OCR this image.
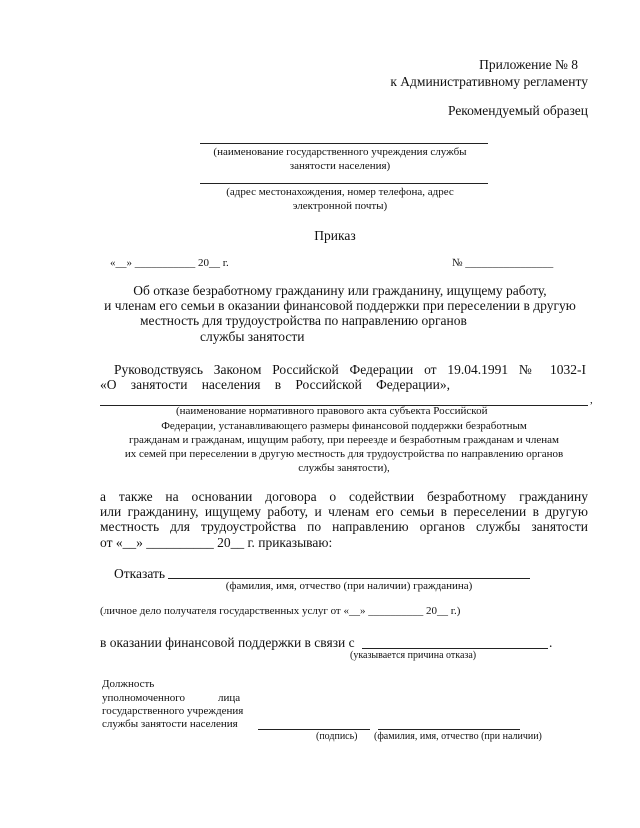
Приложение № 8
к Административному регламенту
Рекомендуемый образец
(наименование государственного учреждения службы
занятости населения)
(адрес местонахождения, номер телефона, адрес
электронной почты)
Приказ
«__» ___________ 20__ г.	№ ________________
Об отказе безработному гражданину или гражданину, ищущему работу,
и членам его семьи в оказании финансовой поддержки при переселении в другую
местность для трудоустройства по направлению органов
службы занятости
Руководствуясь Законом Российской Федерации от 19.04.1991 № 1032-I
«О занятости населения в Российской Федерации»,
,
(наименование нормативного правового акта субъекта Российской
Федерации, устанавливающего размеры финансовой поддержки безработным
гражданам и гражданам, ищущим работу, при переезде и безработным гражданам и членам
их семей при переселении в другую местность для трудоустройства по направлению органов
службы занятости),
а также на основании договора о содействии безработному гражданину
или гражданину, ищущему работу, и членам его семьи в переселении в другую
местность для трудоустройства по направлению органов службы занятости
от «__» __________ 20__ г. приказываю:
Отказать
(фамилия, имя, отчество (при наличии) гражданина)
(личное дело получателя государственных услуг от «__» __________ 20__ г.)
в оказании финансовой поддержки в связи с	.
(указывается причина отказа)
Должность
уполномоченного	лица
государственного учреждения
службы занятости населения
(подпись) (фамилия, имя, отчество (при наличии)
